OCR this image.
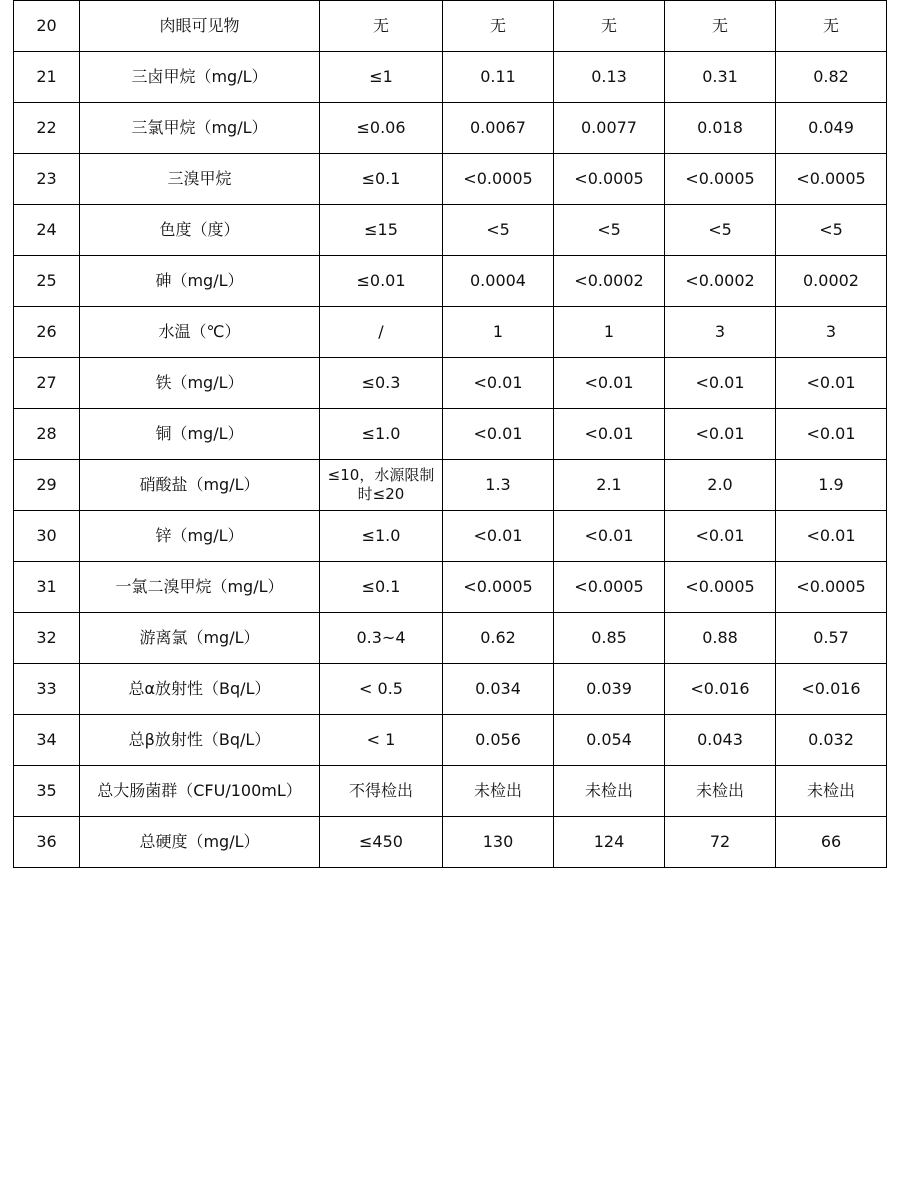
20	肉眼可见物	无	无	无	无	无
21	三卤甲烷（mg/L）	≤1	0.11	0.13	0.31	0.82
22	三氯甲烷（mg/L）	≤0.06	0.0067	0.0077	0.018	0.049
23	三溴甲烷	≤0.1	<0.0005	<0.0005	<0.0005	<0.0005
24	色度（度）	≤15	<5	<5	<5	<5
25	砷（mg/L）	≤0.01	0.0004	<0.0002	<0.0002	0.0002
26	水温（℃）	/	1	1	3	3
27	铁（mg/L）	≤0.3	<0.01	<0.01	<0.01	<0.01
28	铜（mg/L）	≤1.0	<0.01	<0.01	<0.01	<0.01
29	硝酸盐（mg/L）	≤10，水源限制时≤20	1.3	2.1	2.0	1.9
30	锌（mg/L）	≤1.0	<0.01	<0.01	<0.01	<0.01
31	一氯二溴甲烷（mg/L）	≤0.1	<0.0005	<0.0005	<0.0005	<0.0005
32	游离氯（mg/L）	0.3~4	0.62	0.85	0.88	0.57
33	总α放射性（Bq/L）	< 0.5	0.034	0.039	<0.016	<0.016
34	总β放射性（Bq/L）	< 1	0.056	0.054	0.043	0.032
35	总大肠菌群（CFU/100mL）	不得检出	未检出	未检出	未检出	未检出
36	总硬度（mg/L）	≤450	130	124	72	66
